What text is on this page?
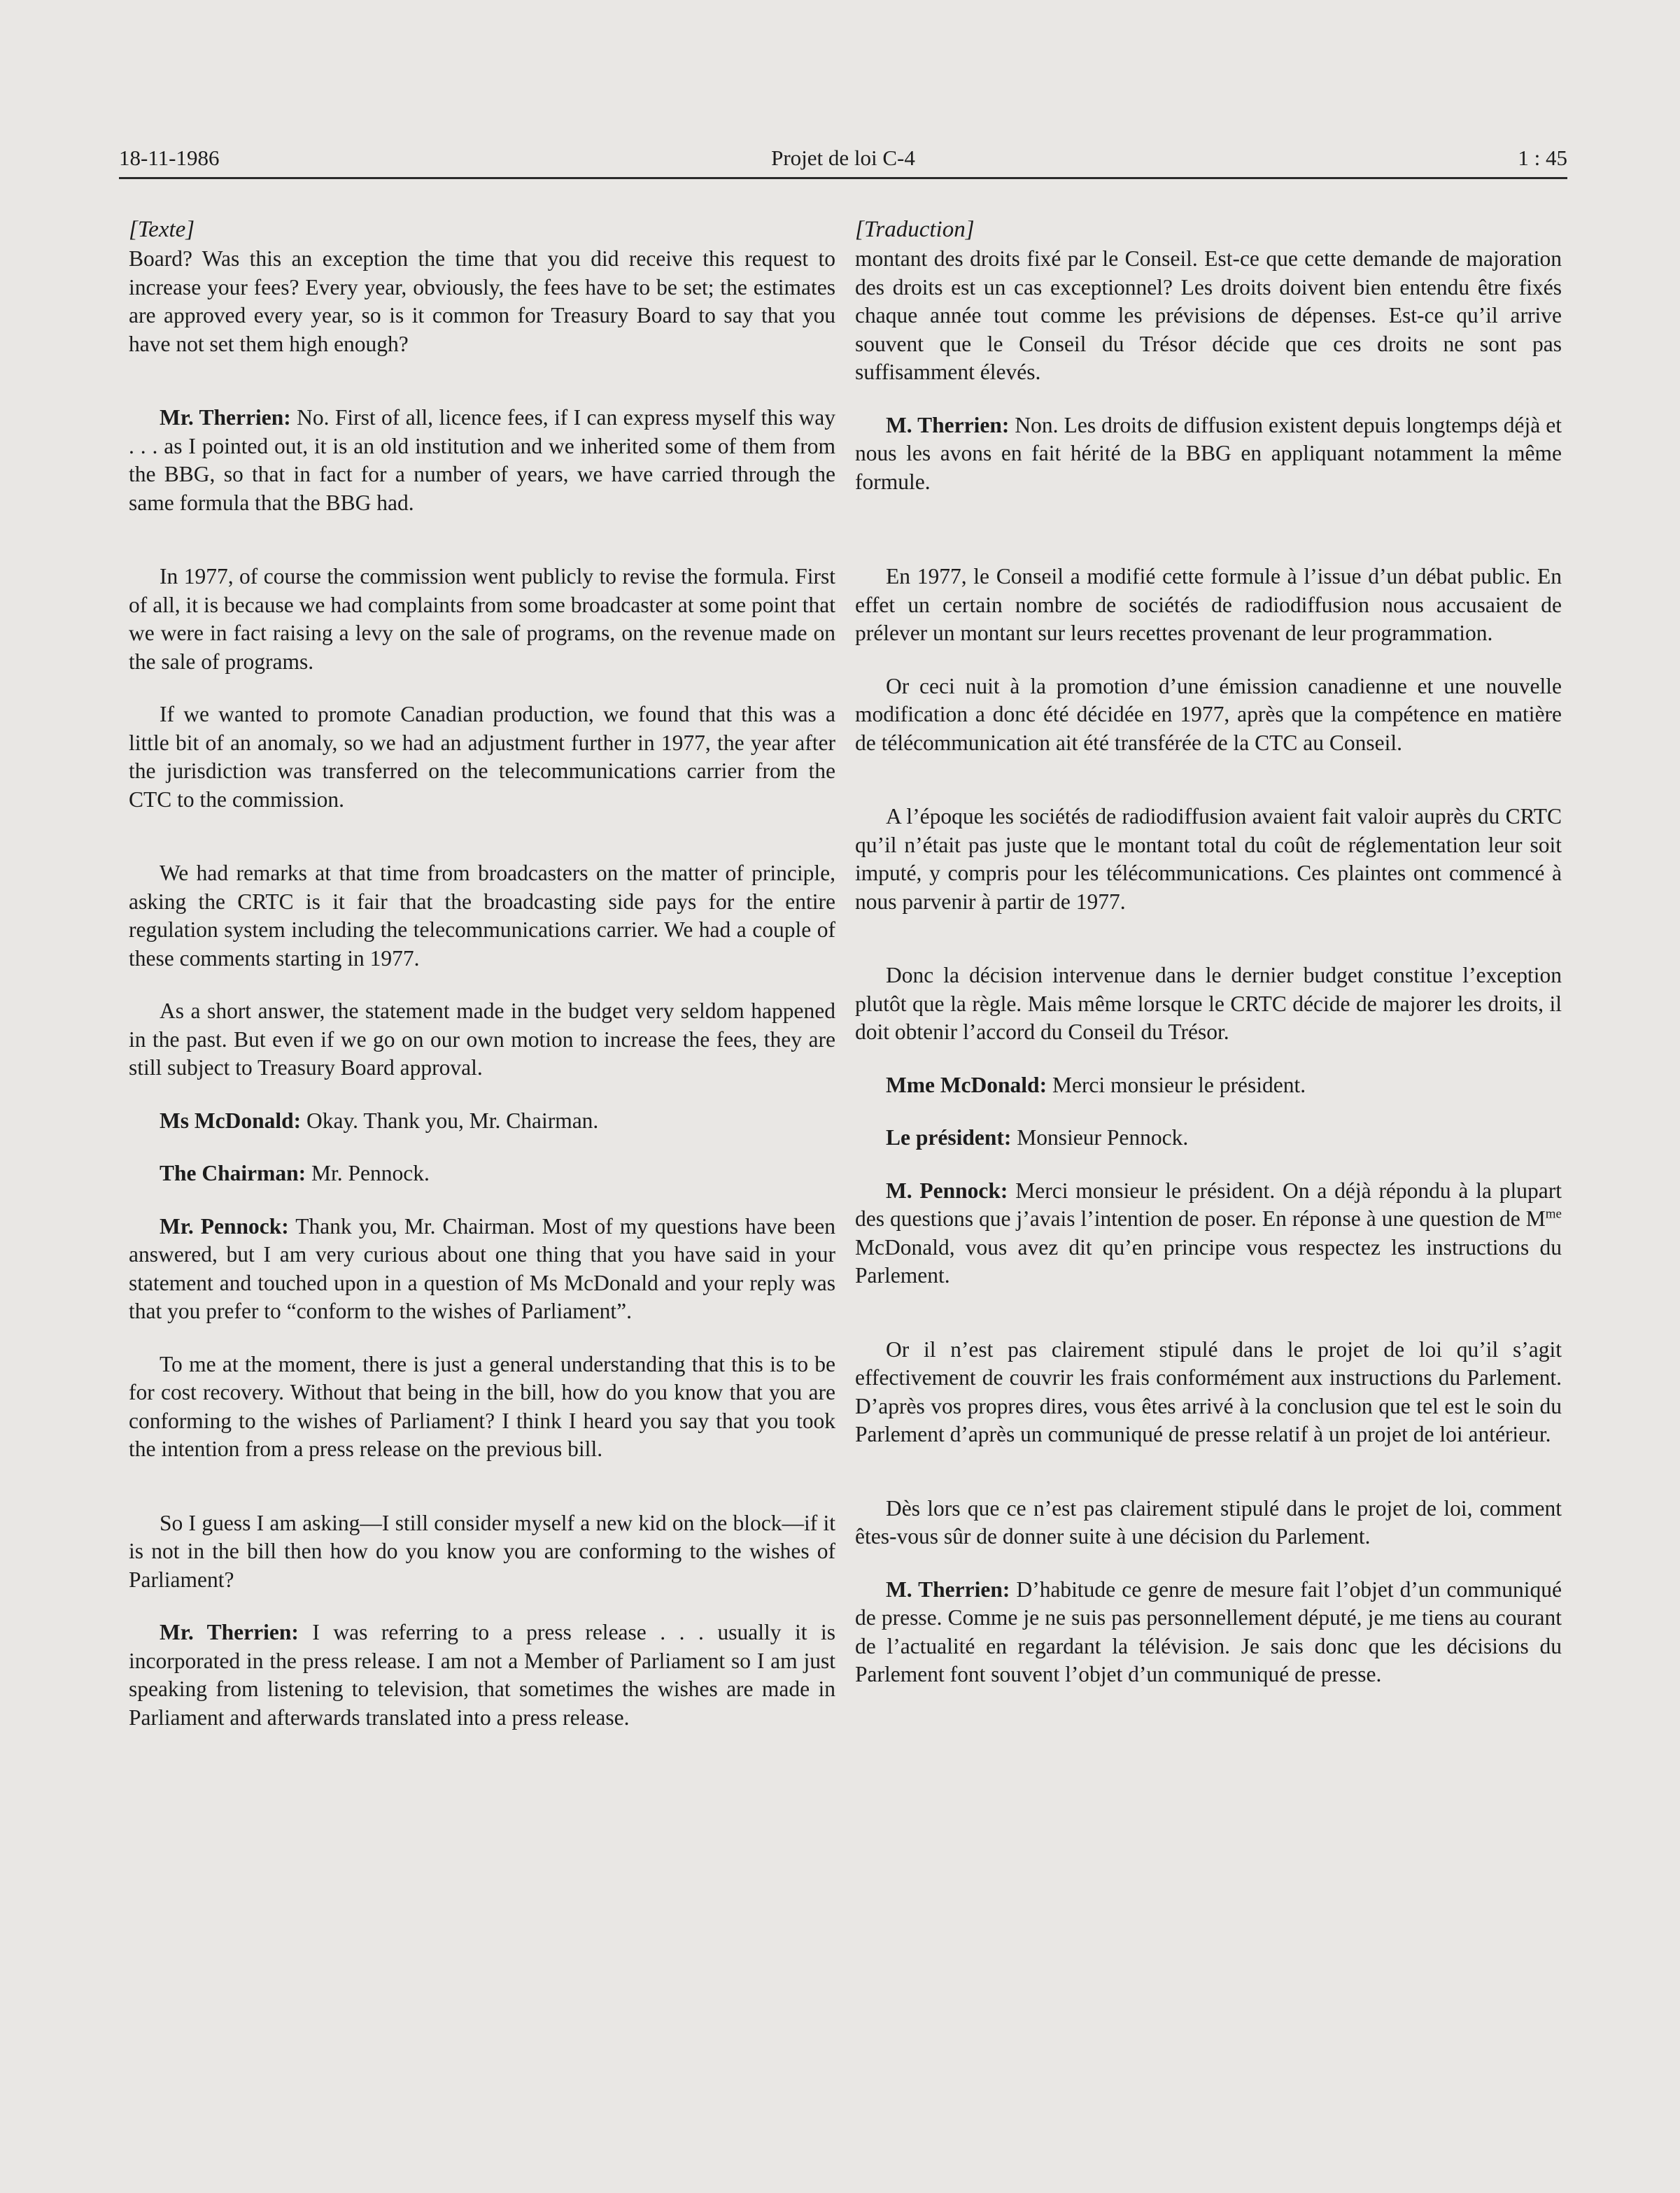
18-11-1986	Projet de loi C-4	1 : 45
[Texte]

Board? Was this an exception the time that you did receive this request to increase your fees? Every year, obviously, the fees have to be set; the estimates are approved every year, so is it common for Treasury Board to say that you have not set them high enough?

Mr. Therrien: No. First of all, licence fees, if I can express myself this way . . . as I pointed out, it is an old institution and we inherited some of them from the BBG, so that in fact for a number of years, we have carried through the same formula that the BBG had.

In 1977, of course the commission went publicly to revise the formula. First of all, it is because we had complaints from some broadcaster at some point that we were in fact raising a levy on the sale of programs, on the revenue made on the sale of programs.

If we wanted to promote Canadian production, we found that this was a little bit of an anomaly, so we had an adjustment further in 1977, the year after the jurisdiction was transferred on the telecommunications carrier from the CTC to the commission.

We had remarks at that time from broadcasters on the matter of principle, asking the CRTC is it fair that the broadcasting side pays for the entire regulation system including the telecommunications carrier. We had a couple of these comments starting in 1977.

As a short answer, the statement made in the budget very seldom happened in the past. But even if we go on our own motion to increase the fees, they are still subject to Treasury Board approval.

Ms McDonald: Okay. Thank you, Mr. Chairman.

The Chairman: Mr. Pennock.

Mr. Pennock: Thank you, Mr. Chairman. Most of my questions have been answered, but I am very curious about one thing that you have said in your statement and touched upon in a question of Ms McDonald and your reply was that you prefer to “conform to the wishes of Parliament”.

To me at the moment, there is just a general understanding that this is to be for cost recovery. Without that being in the bill, how do you know that you are conforming to the wishes of Parliament? I think I heard you say that you took the intention from a press release on the previous bill.

So I guess I am asking—I still consider myself a new kid on the block—if it is not in the bill then how do you know you are conforming to the wishes of Parliament?

Mr. Therrien: I was referring to a press release . . . usually it is incorporated in the press release. I am not a Member of Parliament so I am just speaking from listening to television, that sometimes the wishes are made in Parliament and afterwards translated into a press release.

[Traduction]

montant des droits fixé par le Conseil. Est-ce que cette demande de majoration des droits est un cas exceptionnel? Les droits doivent bien entendu être fixés chaque année tout comme les prévisions de dépenses. Est-ce qu’il arrive souvent que le Conseil du Trésor décide que ces droits ne sont pas suffisamment élevés.

M. Therrien: Non. Les droits de diffusion existent depuis longtemps déjà et nous les avons en fait hérité de la BBG en appliquant notamment la même formule.

En 1977, le Conseil a modifié cette formule à l’issue d’un débat public. En effet un certain nombre de sociétés de radiodiffusion nous accusaient de prélever un montant sur leurs recettes provenant de leur programmation.

Or ceci nuit à la promotion d’une émission canadienne et une nouvelle modification a donc été décidée en 1977, après que la compétence en matière de télécommunication ait été transférée de la CTC au Conseil.

A l’époque les sociétés de radiodiffusion avaient fait valoir auprès du CRTC qu’il n’était pas juste que le montant total du coût de réglementation leur soit imputé, y compris pour les télécommunications. Ces plaintes ont commencé à nous parvenir à partir de 1977.

Donc la décision intervenue dans le dernier budget constitue l’exception plutôt que la règle. Mais même lorsque le CRTC décide de majorer les droits, il doit obtenir l’accord du Conseil du Trésor.

Mme McDonald: Merci monsieur le président.

Le président: Monsieur Pennock.

M. Pennock: Merci monsieur le président. On a déjà répondu à la plupart des questions que j’avais l’intention de poser. En réponse à une question de $M^{me}$ McDonald, vous avez dit qu’en principe vous respectez les instructions du Parlement.

Or il n’est pas clairement stipulé dans le projet de loi qu’il s’agit effectivement de couvrir les frais conformément aux instructions du Parlement. D’après vos propres dires, vous êtes arrivé à la conclusion que tel est le soin du Parlement d’après un communiqué de presse relatif à un projet de loi antérieur.

Dès lors que ce n’est pas clairement stipulé dans le projet de loi, comment êtes-vous sûr de donner suite à une décision du Parlement.

M. Therrien: D’habitude ce genre de mesure fait l’objet d’un communiqué de presse. Comme je ne suis pas personnellement député, je me tiens au courant de l’actualité en regardant la télévision. Je sais donc que les décisions du Parlement font souvent l’objet d’un communiqué de presse.
